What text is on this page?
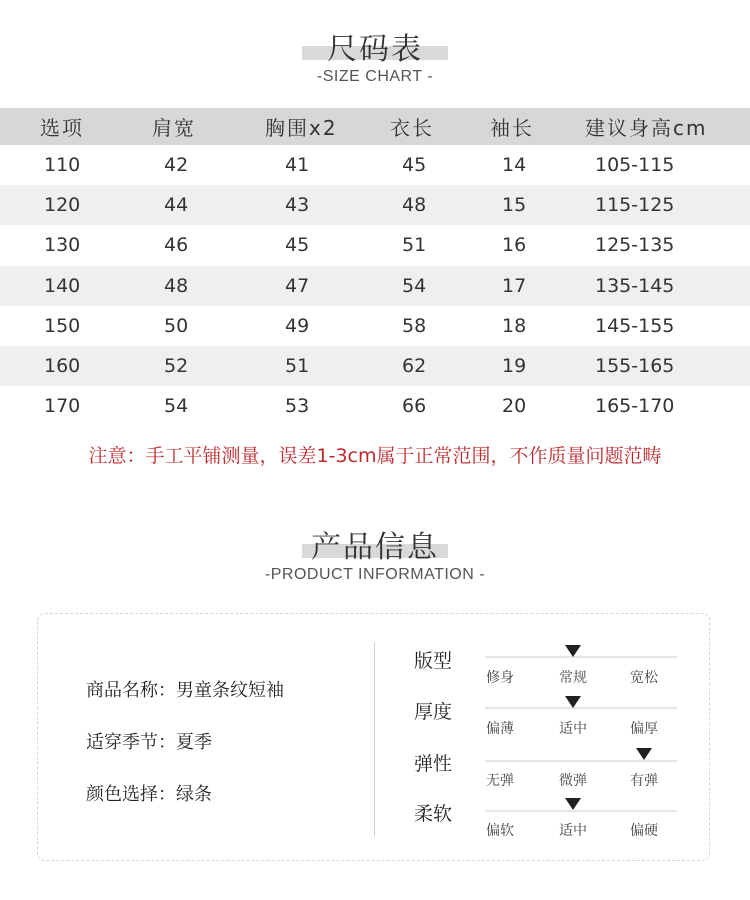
尺码表
-SIZE CHART -
选项	肩宽	胸围x2	衣长	袖长	建议身高cm
110	42	41	45	14	105-115
120	44	43	48	15	115-125
130	46	45	51	16	125-135
140	48	47	54	17	135-145
150	50	49	58	18	145-155
160	52	51	62	19	155-165
170	54	53	66	20	165-170
注意：手工平铺测量，误差1-3cm属于正常范围，不作质量问题范畴
产品信息
-PRODUCT INFORMATION -
商品名称：男童条纹短袖
适穿季节：夏季
颜色选择：绿条
版型
修身	常规	宽松
厚度
偏薄	适中	偏厚
弹性
无弹	微弹	有弹
柔软
偏软	适中	偏硬
